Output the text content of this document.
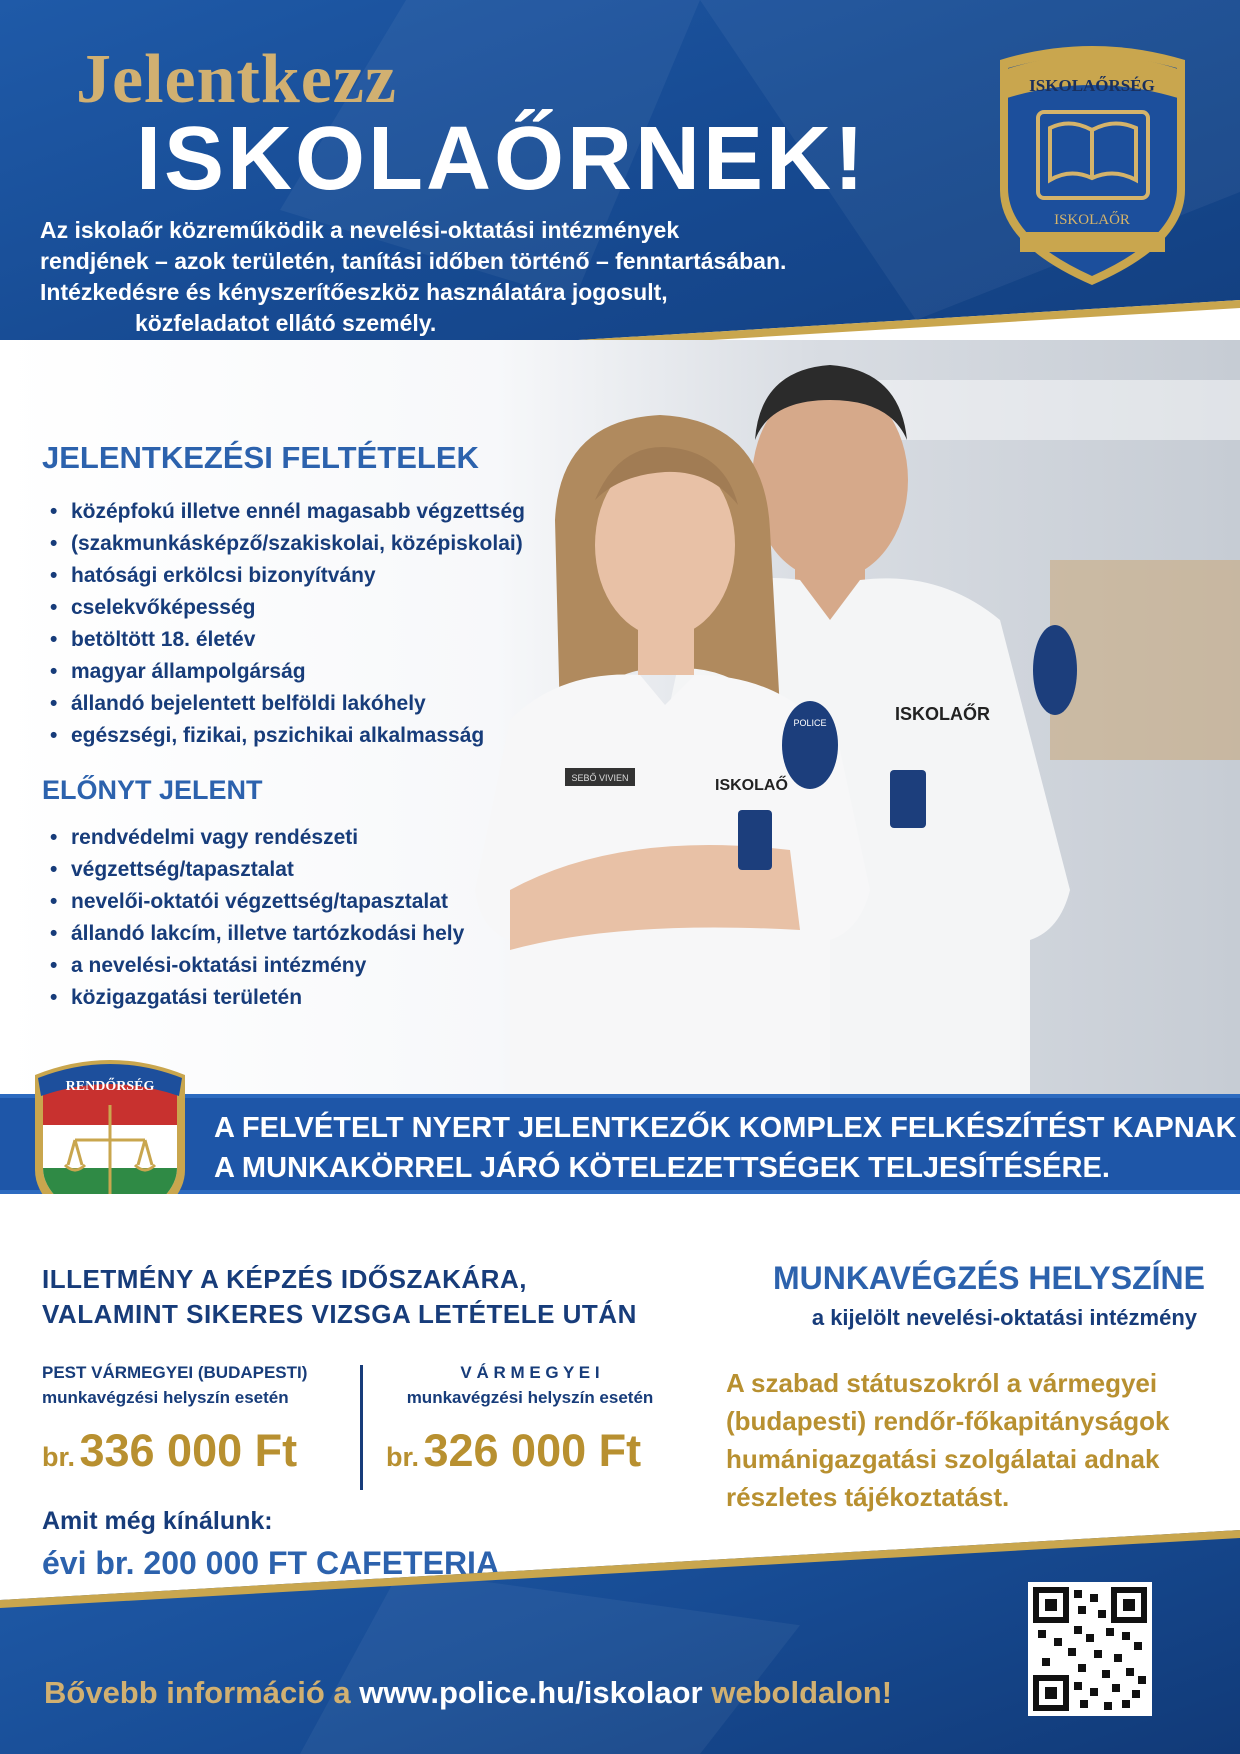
Jelentkezz
ISKOLAŐRNEK!
Az iskolaőr közreműködik a nevelési-oktatási intézmények
rendjének – azok területén, tanítási időben történő – fenntartásában.
Intézkedésre és kényszerítőeszköz használatára jogosult,
közfeladatot ellátó személy.
ISKOLAŐRSÉG
ISKOLAŐR
ISKOLAŐR
POLICE
SEBŐ VIVIEN	ISKOLAŐ
JELENTKEZÉSI FELTÉTELEK
• középfokú illetve ennél magasabb végzettség
• (szakmunkásképző/szakiskolai, középiskolai)
• hatósági erkölcsi bizonyítvány
• cselekvőképesség
• betöltött 18. életév
• magyar állampolgárság
• állandó bejelentett belföldi lakóhely
• egészségi, fizikai, pszichikai alkalmasság
ELŐNYT JELENT
• rendvédelmi vagy rendészeti
• végzettség/tapasztalat
• nevelői-oktatói végzettség/tapasztalat
• állandó lakcím, illetve tartózkodási hely
• a nevelési-oktatási intézmény
• közigazgatási területén
A FELVÉTELT NYERT JELENTKEZŐK KOMPLEX FELKÉSZÍTÉST KAPNAK
A MUNKAKÖRREL JÁRÓ KÖTELEZETTSÉGEK TELJESÍTÉSÉRE.
RENDŐRSÉG
ILLETMÉNY A KÉPZÉS IDŐSZAKÁRA,
VALAMINT SIKERES VIZSGA LETÉTELE UTÁN
PEST VÁRMEGYEI (BUDAPESTI)
munkavégzési helyszín esetén
br. 336 000 Ft
V Á R M E G Y E I
munkavégzési helyszín esetén
br. 326 000 Ft
Amit még kínálunk:
évi br. 200 000 FT CAFETERIA
MUNKAVÉGZÉS HELYSZÍNE
a kijelölt nevelési-oktatási intézmény
A szabad státuszokról a vármegyei
(budapesti) rendőr-főkapitányságok
humánigazgatási szolgálatai adnak
részletes tájékoztatást.
Bővebb információ a www.police.hu/iskolaor weboldalon!
